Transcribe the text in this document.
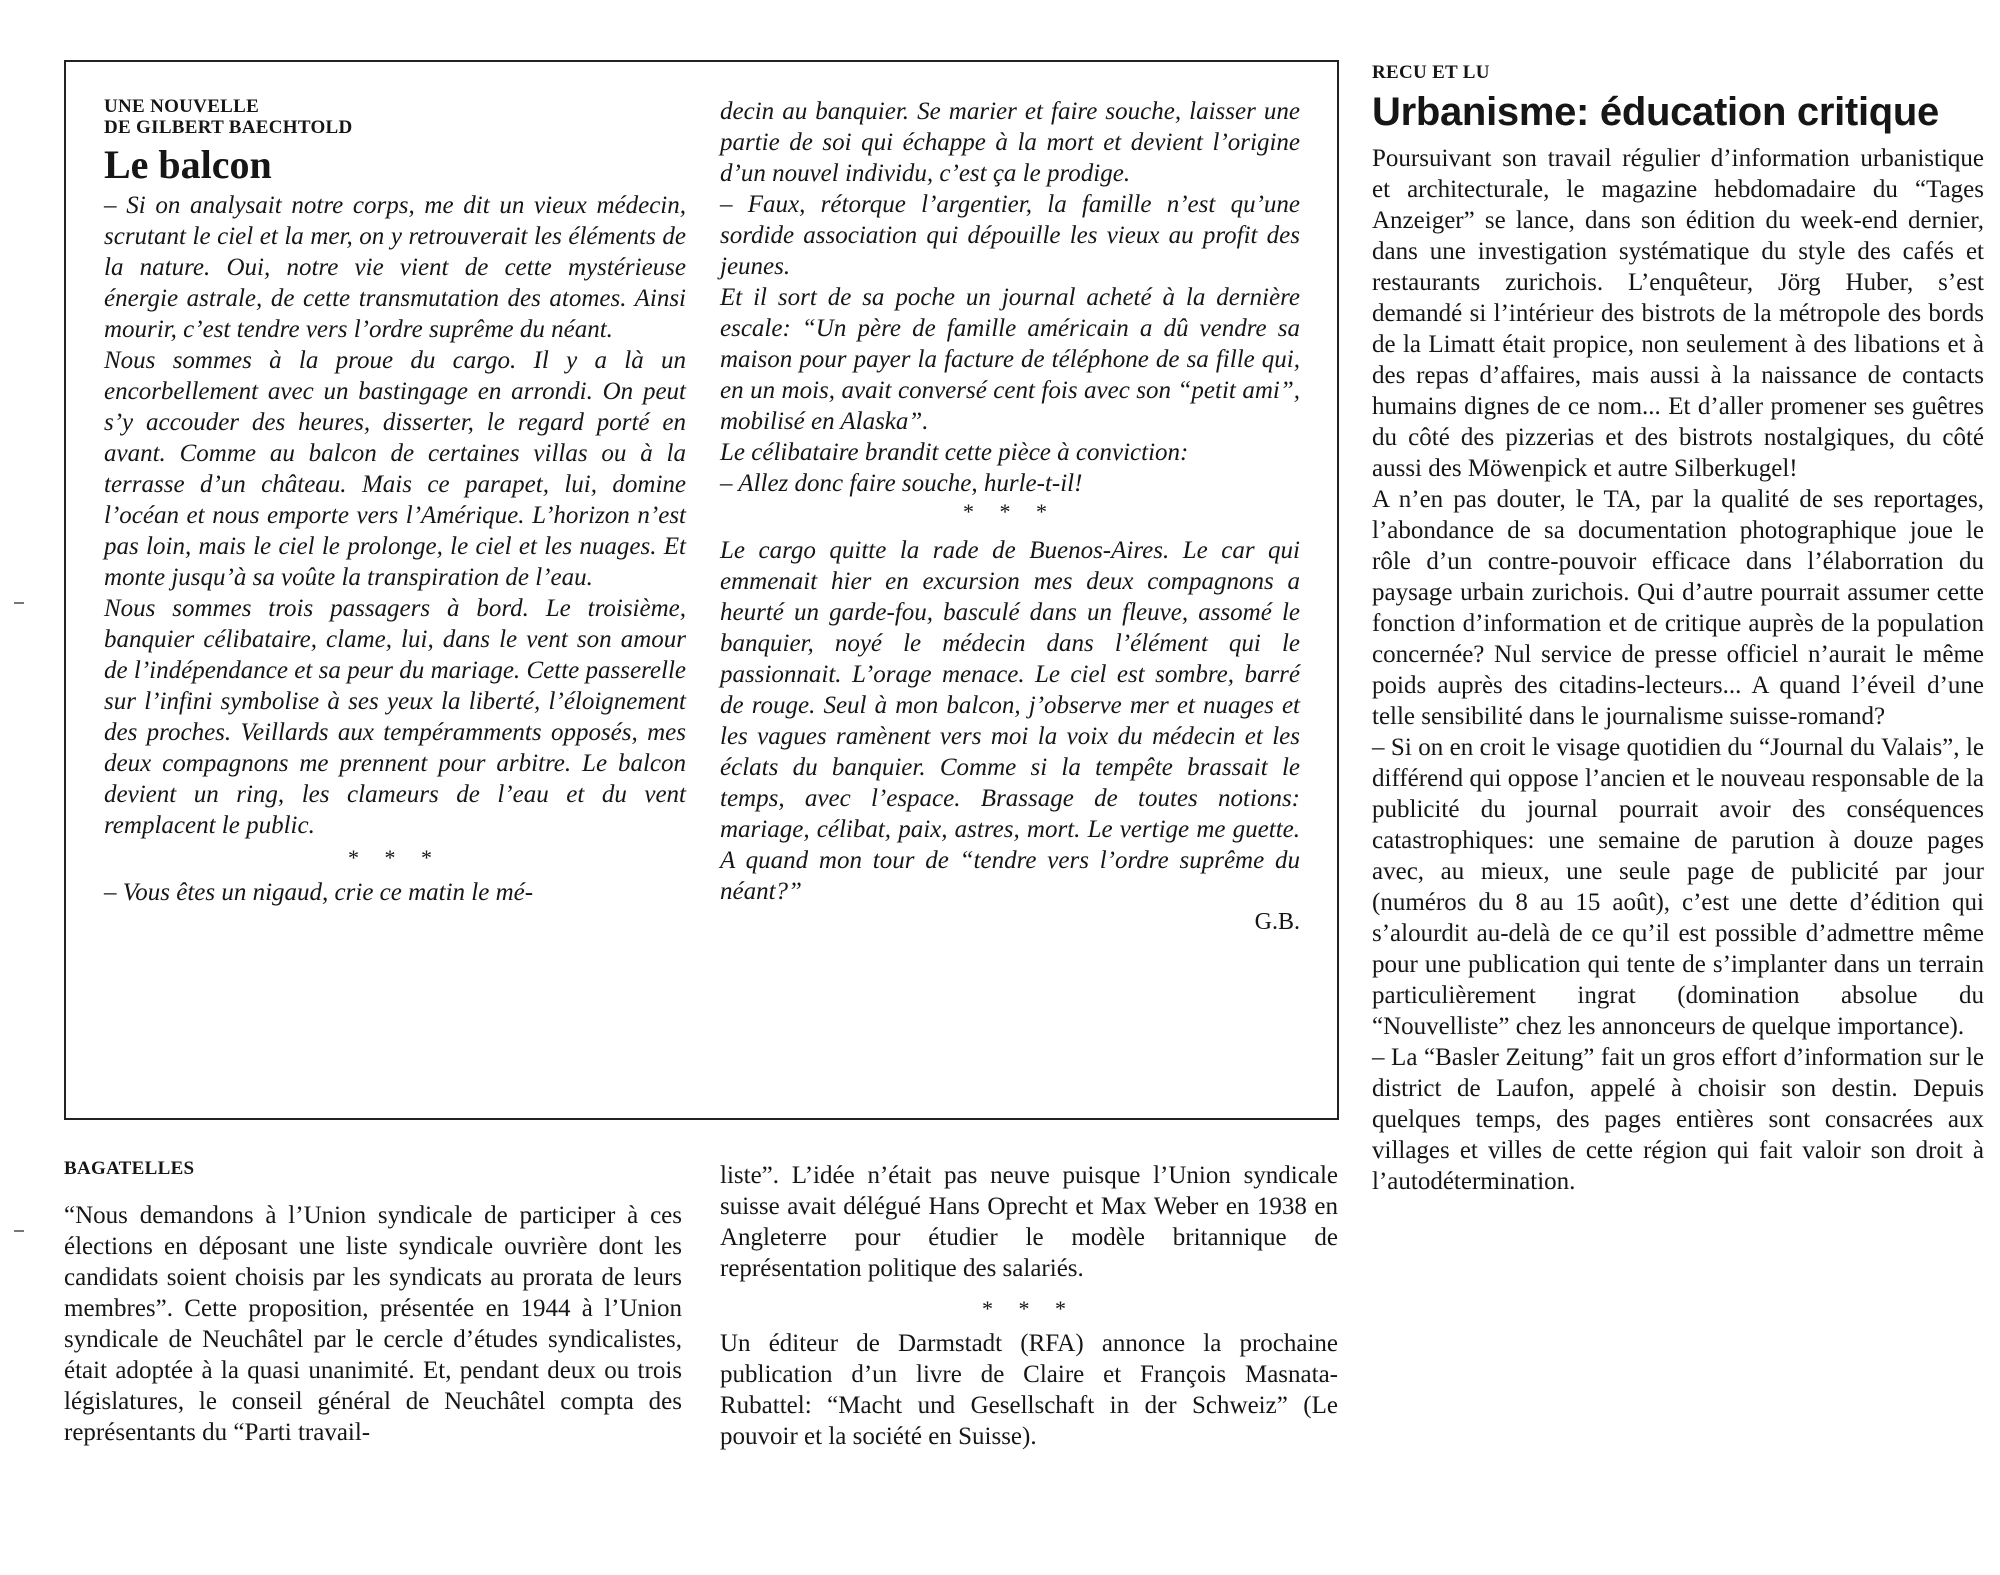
UNE NOUVELLE

DE GILBERT BAECHTOLD

Le balcon

– Si on analysait notre corps, me dit un vieux médecin, scrutant le ciel et la mer, on y retrouverait les éléments de la nature. Oui, notre vie vient de cette mystérieuse énergie astrale, de cette transmutation des atomes. Ainsi mourir, c’est tendre vers l’ordre suprême du néant.

Nous sommes à la proue du cargo. Il y a là un encorbellement avec un bastingage en arrondi. On peut s’y accouder des heures, disserter, le regard porté en avant. Comme au balcon de certaines villas ou à la terrasse d’un château. Mais ce parapet, lui, domine l’océan et nous emporte vers l’Amérique. L’horizon n’est pas loin, mais le ciel le prolonge, le ciel et les nuages. Et monte jusqu’à sa voûte la transpiration de l’eau.

Nous sommes trois passagers à bord. Le troisième, banquier célibataire, clame, lui, dans le vent son amour de l’indépendance et sa peur du mariage. Cette passerelle sur l’infini symbolise à ses yeux la liberté, l’éloignement des proches. Veillards aux tempéramments opposés, mes deux compagnons me prennent pour arbitre. Le balcon devient un ring, les clameurs de l’eau et du vent remplacent le public.

* * *

– Vous êtes un nigaud, crie ce matin le mé-

decin au banquier. Se marier et faire souche, laisser une partie de soi qui échappe à la mort et devient l’origine d’un nouvel individu, c’est ça le prodige.

– Faux, rétorque l’argentier, la famille n’est qu’une sordide association qui dépouille les vieux au profit des jeunes.

Et il sort de sa poche un journal acheté à la dernière escale: “Un père de famille américain a dû vendre sa maison pour payer la facture de téléphone de sa fille qui, en un mois, avait conversé cent fois avec son “petit ami”, mobilisé en Alaska”.

Le célibataire brandit cette pièce à conviction:

– Allez donc faire souche, hurle-t-il!

* * *

Le cargo quitte la rade de Buenos-Aires. Le car qui emmenait hier en excursion mes deux compagnons a heurté un garde-fou, basculé dans un fleuve, assomé le banquier, noyé le médecin dans l’élément qui le passionnait. L’orage menace. Le ciel est sombre, barré de rouge. Seul à mon balcon, j’observe mer et nuages et les vagues ramènent vers moi la voix du médecin et les éclats du banquier. Comme si la tempête brassait le temps, avec l’espace. Brassage de toutes notions: mariage, célibat, paix, astres, mort. Le vertige me guette. A quand mon tour de “tendre vers l’ordre suprême du néant?”

G.B.

BAGATELLES

“Nous demandons à l’Union syndicale de participer à ces élections en déposant une liste syndicale ouvrière dont les candidats soient choisis par les syndicats au prorata de leurs membres”. Cette proposition, présentée en 1944 à l’Union syndicale de Neuchâtel par le cercle d’études syndicalistes, était adoptée à la quasi unanimité. Et, pendant deux ou trois législatures, le conseil général de Neuchâtel compta des représentants du “Parti travail-

liste”. L’idée n’était pas neuve puisque l’Union syndicale suisse avait délégué Hans Oprecht et Max Weber en 1938 en Angleterre pour étudier le modèle britannique de représentation politique des salariés.

* * *

Un éditeur de Darmstadt (RFA) annonce la prochaine publication d’un livre de Claire et François Masnata-Rubattel: “Macht und Gesellschaft in der Schweiz” (Le pouvoir et la société en Suisse).

RECU ET LU

Urbanisme: éducation critique

Poursuivant son travail régulier d’information urbanistique et architecturale, le magazine hebdomadaire du “Tages Anzeiger” se lance, dans son édition du week-end dernier, dans une investigation systématique du style des cafés et restaurants zurichois. L’enquêteur, Jörg Huber, s’est demandé si l’intérieur des bistrots de la métropole des bords de la Limatt était propice, non seulement à des libations et à des repas d’affaires, mais aussi à la naissance de contacts humains dignes de ce nom... Et d’aller promener ses guêtres du côté des pizzerias et des bistrots nostalgiques, du côté aussi des Möwenpick et autre Silberkugel!

A n’en pas douter, le TA, par la qualité de ses reportages, l’abondance de sa documentation photographique joue le rôle d’un contre-pouvoir efficace dans l’élaborration du paysage urbain zurichois. Qui d’autre pourrait assumer cette fonction d’information et de critique auprès de la population concernée? Nul service de presse officiel n’aurait le même poids auprès des citadins-lecteurs... A quand l’éveil d’une telle sensibilité dans le journalisme suisse-romand?

– Si on en croit le visage quotidien du “Journal du Valais”, le différend qui oppose l’ancien et le nouveau responsable de la publicité du journal pourrait avoir des conséquences catastrophiques: une semaine de parution à douze pages avec, au mieux, une seule page de publicité par jour (numéros du 8 au 15 août), c’est une dette d’édition qui s’alourdit au-delà de ce qu’il est possible d’admettre même pour une publication qui tente de s’implanter dans un terrain particulièrement ingrat (domination absolue du “Nouvelliste” chez les annonceurs de quelque importance).

– La “Basler Zeitung” fait un gros effort d’information sur le district de Laufon, appelé à choisir son destin. Depuis quelques temps, des pages entières sont consacrées aux villages et villes de cette région qui fait valoir son droit à l’autodétermination.
